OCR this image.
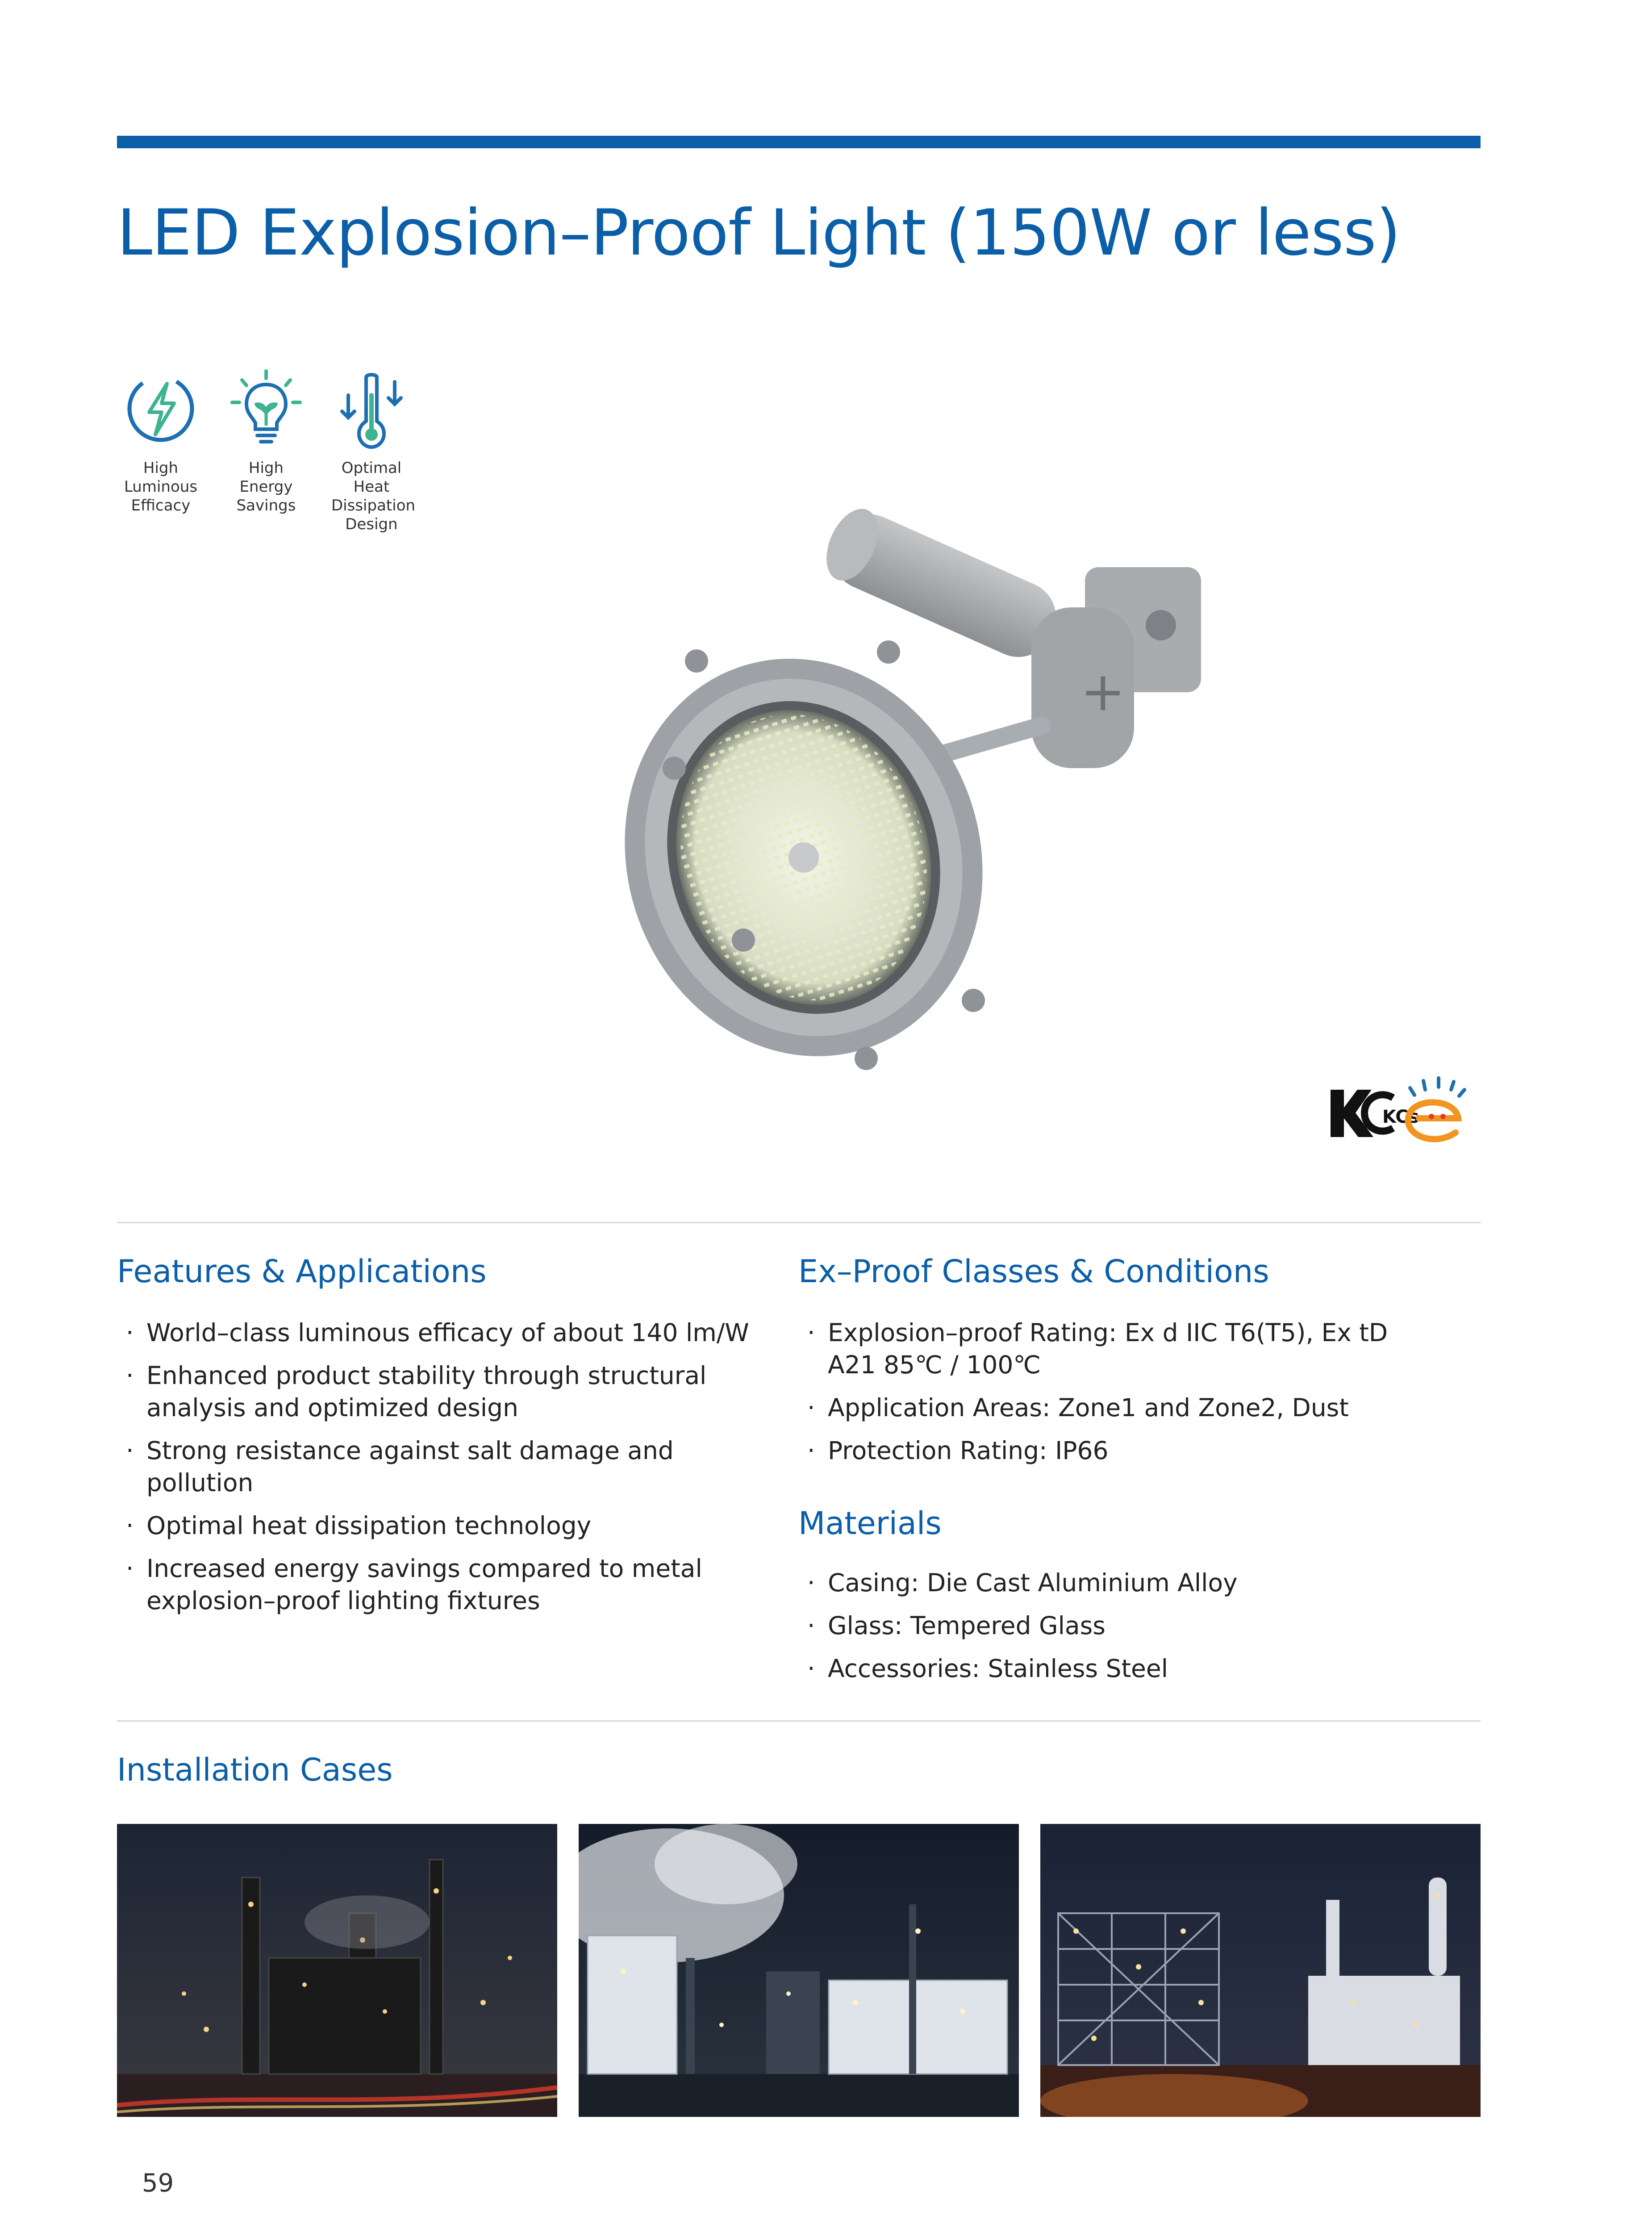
LED Explosion–Proof Light (150W or less)
High
Luminous
Efficacy
High
Energy
Savings
Optimal
Heat
Dissipation
Design
+
KCs
Features & Applications
· World–class luminous efficacy of about 140 lm/W
· Enhanced product stability through structural analysis and optimized design
· Strong resistance against salt damage and pollution
· Optimal heat dissipation technology
· Increased energy savings compared to metal explosion–proof lighting fixtures
Ex–Proof Classes & Conditions
· Explosion–proof Rating: Ex d IIC T6(T5), Ex tD A21 85℃ / 100℃
· Application Areas: Zone1 and Zone2, Dust
· Protection Rating: IP66
Materials
· Casing: Die Cast Aluminium Alloy
· Glass: Tempered Glass
· Accessories: Stainless Steel
Installation Cases
59
